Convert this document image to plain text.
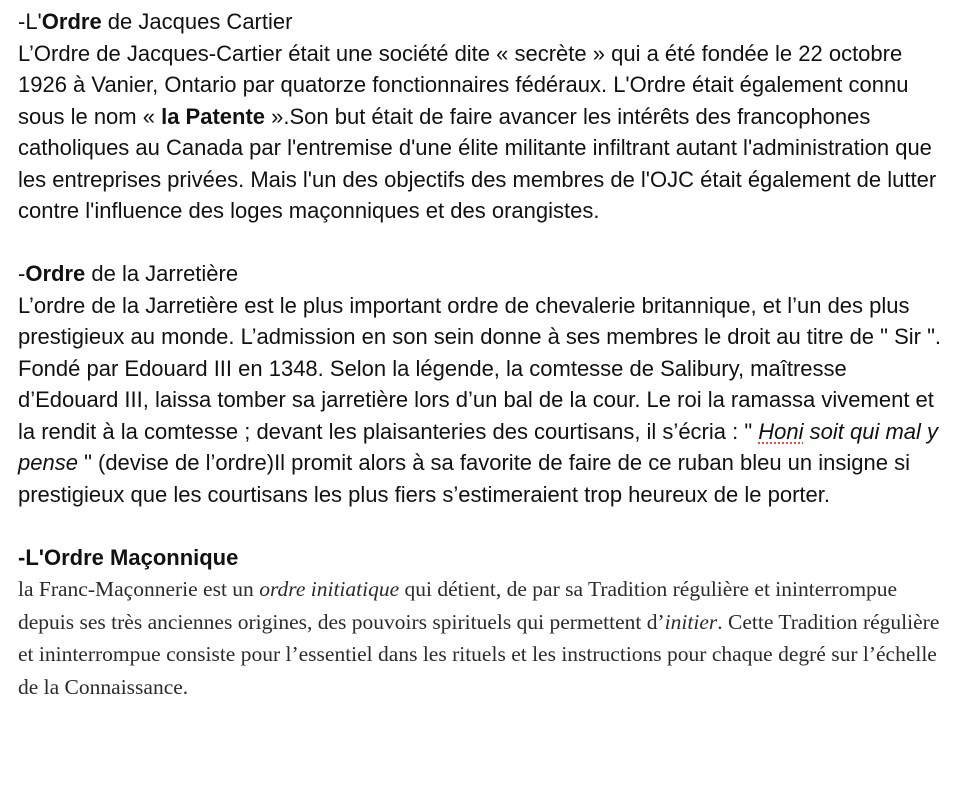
-L'Ordre de Jacques Cartier

L’Ordre de Jacques-Cartier était une société dite « secrète » qui a été fondée le 22 octobre 1926 à Vanier, Ontario par quatorze fonctionnaires fédéraux. L'Ordre était également connu sous le nom « la Patente ».Son but était de faire avancer les intérêts des francophones catholiques au Canada par l'entremise d'une élite militante infiltrant autant l'administration que les entreprises privées. Mais l'un des objectifs des membres de l'OJC était également de lutter contre l'influence des loges maçonniques et des orangistes.

-Ordre de la Jarretière

L’ordre de la Jarretière est le plus important ordre de chevalerie britannique, et l’un des plus prestigieux au monde. L’admission en son sein donne à ses membres le droit au titre de " Sir ". Fondé par Edouard III en 1348. Selon la légende, la comtesse de Salibury, maîtresse d’Edouard III, laissa tomber sa jarretière lors d’un bal de la cour. Le roi la ramassa vivement et la rendit à la comtesse ; devant les plaisanteries des courtisans, il s’écria : " Honi soit qui mal y pense " (devise de l’ordre)Il promit alors à sa favorite de faire de ce ruban bleu un insigne si prestigieux que les courtisans les plus fiers s’estimeraient trop heureux de le porter.

-L'Ordre Maçonnique

la Franc-Maçonnerie est un ordre initiatique qui détient, de par sa Tradition régulière et ininterrompue depuis ses très anciennes origines, des pouvoirs spirituels qui permettent d’initier. Cette Tradition régulière et ininterrompue consiste pour l’essentiel dans les rituels et les instructions pour chaque degré sur l’échelle de la Connaissance.
